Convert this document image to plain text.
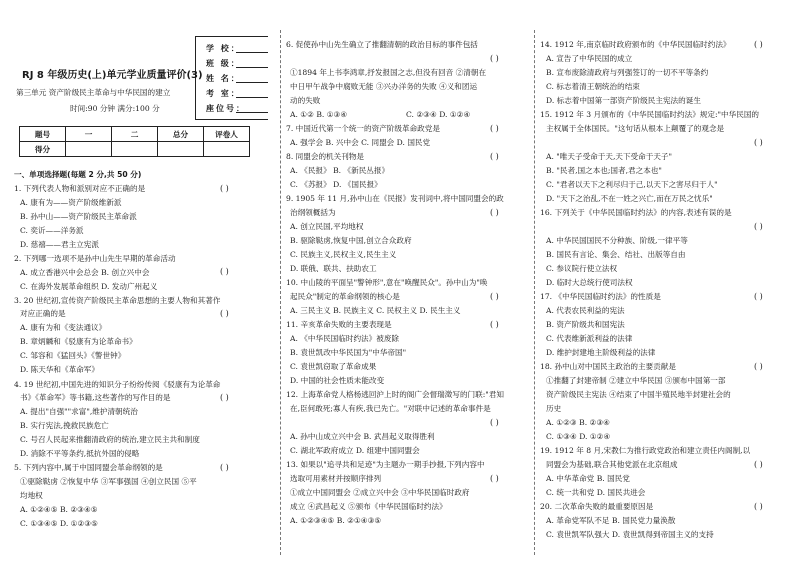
学 校：
班 级：
姓 名：
考 室：
座位号：
RJ 8 年级历史(上)单元学业质量评价(3)
第三单元 资产阶级民主革命与中华民国的建立
时间:90 分钟 满分:100 分
题号	一	二	总分	评卷人
得分				
一、单项选择题(每题 2 分,共 50 分)
1. 下列代表人物和派别对应不正确的是	( )
A. 康有为——资产阶级维新派
B. 孙中山——资产阶级民主革命派
C. 奕䜣——洋务派
D. 慈禧——君主立宪派
2. 下列哪一选项不是孙中山先生早期的革命活动
( )
A. 成立香港兴中会总会 B. 创立兴中会
C. 在海外发展革命组织 D. 发动广州起义
3. 20 世纪初,宣传资产阶级民主革命思想的主要人物和其著作
对应正确的是	( )
A. 康有为和《变法通议》
B. 章炳麟和《驳康有为论革命书》
C. 邹容和《猛回头》《警世钟》
D. 陈天华和《革命军》
4. 19 世纪初,中国先进的知识分子纷纷传阅《驳康有为论革命
书》《革命军》等书籍,这些著作的写作目的是	( )
A. 提出"自强""求富",维护清朝统治
B. 实行宪法,挽救民族危亡
C. 号召人民起来推翻清政府的统治,建立民主共和制度
D. 消除不平等条约,抵抗外国的侵略
5. 下列内容中,属于中国同盟会革命纲领的是	( )
①驱除鞑虏 ②恢复中华 ③军事强国 ④创立民国 ⑤平
均地权
A. ①②④⑤ B. ②③④⑤
C. ①③④⑤ D. ①②③⑤
6. 促使孙中山先生确立了推翻清朝的政治目标的事件包括
( )
①1894 年上书李鸿章,抒发报国之志,但没有回音 ②清朝在
中日甲午战争中腐败无能 ③兴办洋务的失败 ④义和团运
动的失败
A. ①② B. ①③④	C. ②③④ D. ①②④
7. 中国近代第一个统一的资产阶级革命政党是	( )
A. 强学会 B. 兴中会 C. 同盟会 D. 国民党
8. 同盟会的机关刊物是	( )
A. 《民报》 B. 《新民丛报》
C. 《苏报》 D. 《国民报》
9. 1905 年 11 月,孙中山在《民报》发刊词中,将中国同盟会的政
治纲领概括为	( )
A. 创立民国,平均地权
B. 驱除鞑虏,恢复中国,创立合众政府
C. 民族主义,民权主义,民生主义
D. 联俄、联共、扶助农工
10. 中山陵的平面呈"警钟形",意在"唤醒民众"。孙中山为"唤
起民众"制定的革命纲领的核心是	( )
A. 三民主义 B. 民族主义 C. 民权主义 D. 民生主义
11. 辛亥革命失败的主要表现是	( )
A. 《中华民国临时约法》被废除
B. 袁世凯改中华民国为"中华帝国"
C. 袁世凯窃取了革命成果
D. 中国的社会性质未能改变
12. 上海革命党人格杨逃回沪上时的阁广会督瑞澂写的门联:"君知
在,臣何敢死;寡人有疾,我已先亡。"对联中记述的革命事件是
( )
A. 孙中山成立兴中会 B. 武昌起义取得胜利
C. 湖北军政府成立 D. 组建中国同盟会
13. 如果以"追寻共和足迹"为主题办一期手抄报,下列内容中
选取可用素材并按顺序排列	( )
①成立中国同盟会 ②成立兴中会 ③中华民国临时政府
成立 ④武昌起义 ⑤颁布《中华民国临时约法》
A. ①②③④⑤ B. ②①④③⑤
14. 1912 年,南京临时政府颁布的《中华民国临时约法》	( )
A. 宣告了中华民国的成立
B. 宣布废除清政府与列强签订的一切不平等条约
C. 标志着清王朝统治的结束
D. 标志着中国第一部资产阶级民主宪法的诞生
15. 1912 年 3 月颁布的《中华民国临时约法》规定:"中华民国的
主权属于全体国民。"这句话从根本上颠覆了的观念是
( )
A. "唯天子受命于天,天下受命于天子"
B. "民者,国之本也;国者,君之本也"
C. "君者以天下之利尽归于己,以天下之害尽归于人"
D. "天下之治乱,不在一姓之兴亡,而在万民之忧乐"
16. 下列关于《中华民国临时约法》的内容,表述有误的是
( )
A. 中华民国国民不分种族、阶级,一律平等
B. 国民有言论、集会、结社、出版等自由
C. 参议院行使立法权
D. 临时大总统行使司法权
17. 《中华民国临时约法》的性质是	( )
A. 代表农民利益的宪法
B. 资产阶级共和国宪法
C. 代表维新派利益的法律
D. 维护封建地主阶级利益的法律
18. 孙中山对中国民主政治的主要贡献是	( )
①推翻了封建帝制 ②建立中华民国 ③颁布中国第一部
资产阶级民主宪法 ④结束了中国半殖民地半封建社会的
历史
A. ①②③ B. ②③④
C. ①③④ D. ①②④
19. 1912 年 8 月,宋教仁为推行政党政治和建立责任内阁制,以
同盟会为基础,联合其他党派在北京组成	( )
A. 中华革命党 B. 国民党
C. 统一共和党 D. 国民共进会
20. 二次革命失败的最重要原因是	( )
A. 革命党军队不足 B. 国民党力量涣散
C. 袁世凯军队强大 D. 袁世凯得到帝国主义的支持
